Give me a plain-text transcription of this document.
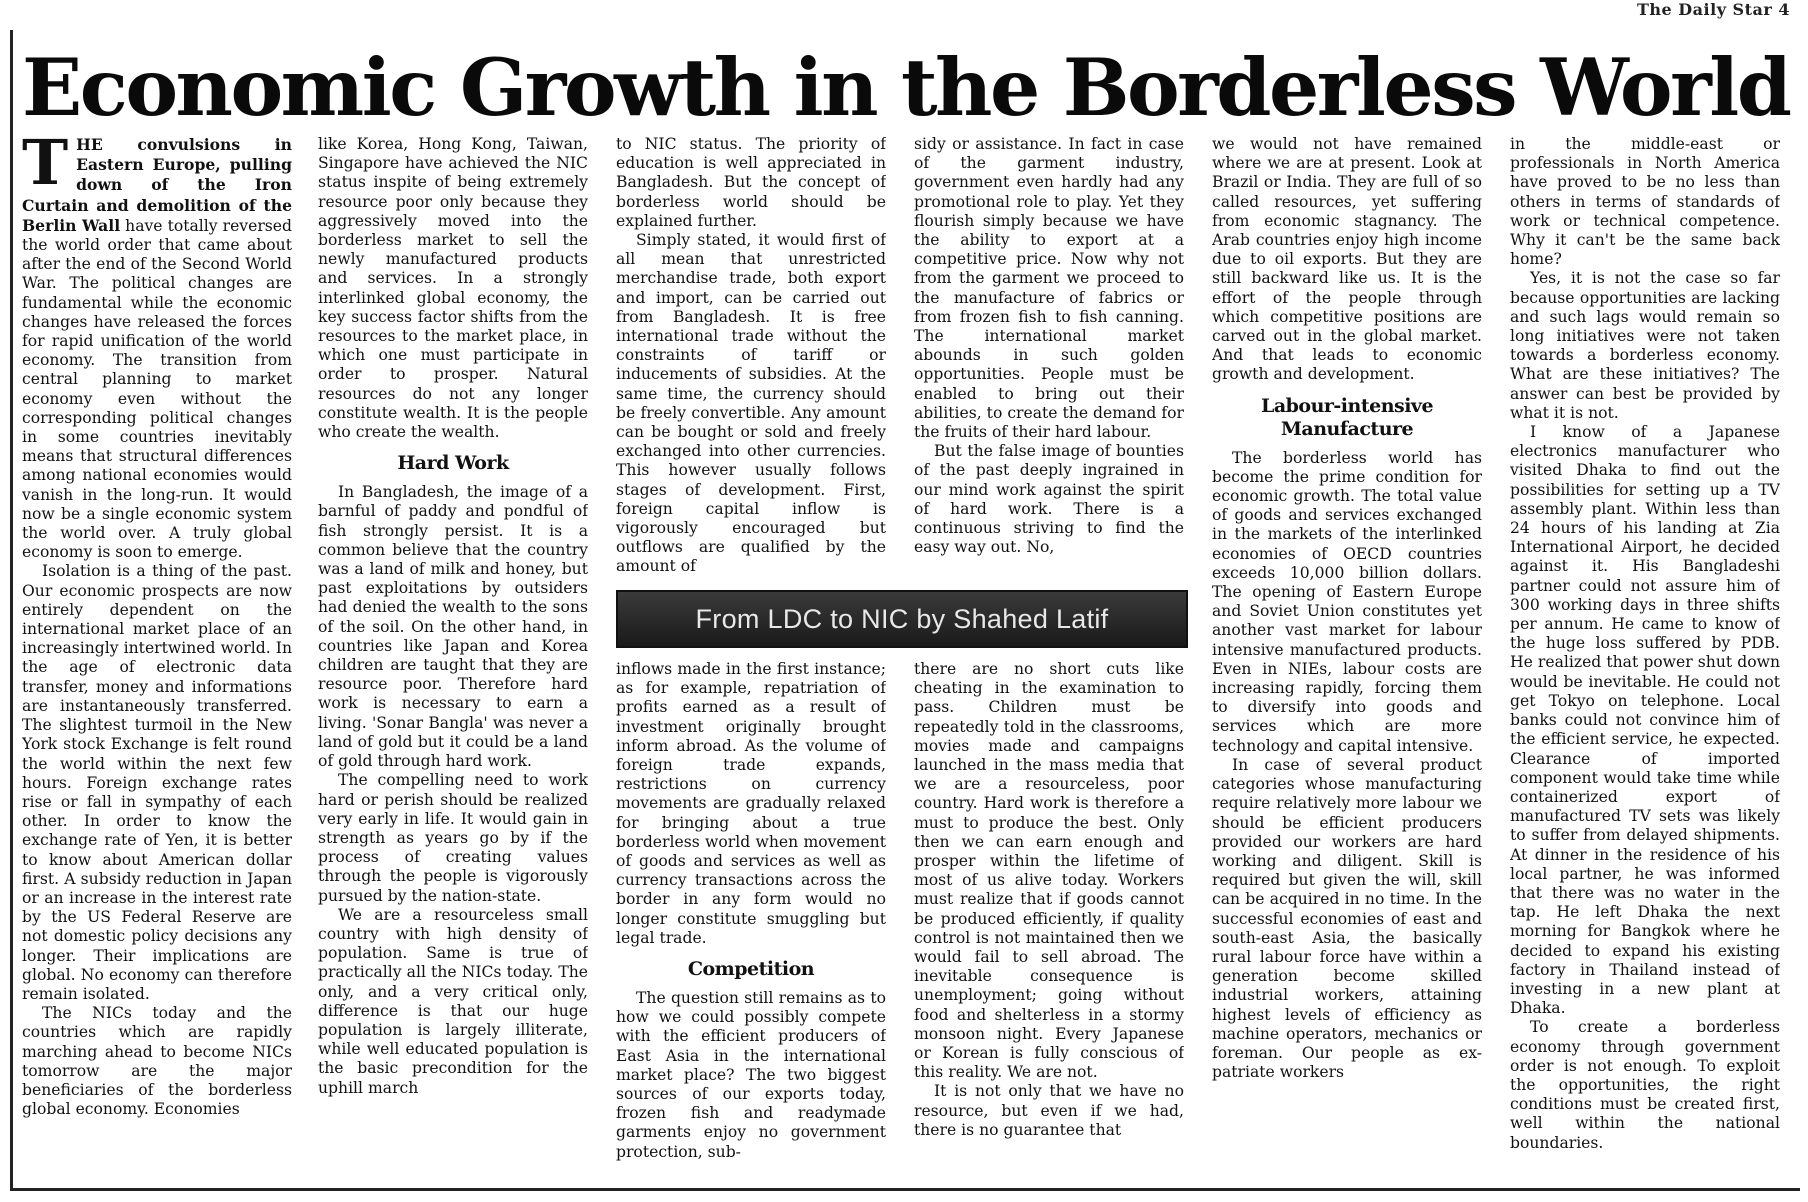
The Daily Star 4
Economic Growth in the Borderless World

THE convulsions in Eastern Europe, pulling down of the Iron Curtain and demolition of the Berlin Wall have totally reversed the world order that came about after the end of the Second World War. The political changes are fundamental while the economic changes have released the forces for rapid unification of the world economy. The transition from central planning to market economy even without the corresponding political changes in some countries inevitably means that structural differences among national economies would vanish in the long-run. It would now be a single economic system the world over. A truly global economy is soon to emerge.

Isolation is a thing of the past. Our economic prospects are now entirely dependent on the international market place of an increasingly intertwined world. In the age of electronic data transfer, money and informations are instantaneously transferred. The slightest turmoil in the New York stock Exchange is felt round the world within the next few hours. Foreign exchange rates rise or fall in sympathy of each other. In order to know the exchange rate of Yen, it is better to know about American dollar first. A subsidy reduction in Japan or an increase in the interest rate by the US Federal Reserve are not domestic policy decisions any longer. Their implications are global. No economy can therefore remain isolated.

The NICs today and the countries which are rapidly marching ahead to become NICs tomorrow are the major beneficiaries of the borderless global economy. Economies

like Korea, Hong Kong, Taiwan, Singapore have achieved the NIC status inspite of being extremely resource poor only because they aggressively moved into the borderless market to sell the newly manufactured products and services. In a strongly interlinked global economy, the key success factor shifts from the resources to the market place, in which one must participate in order to prosper. Natural resources do not any longer constitute wealth. It is the people who create the wealth.

Hard Work

In Bangladesh, the image of a barnful of paddy and pondful of fish strongly persist. It is a common believe that the country was a land of milk and honey, but past exploitations by outsiders had denied the wealth to the sons of the soil. On the other hand, in countries like Japan and Korea children are taught that they are resource poor. Therefore hard work is necessary to earn a living. 'Sonar Bangla' was never a land of gold but it could be a land of gold through hard work.

The compelling need to work hard or perish should be realized very early in life. It would gain in strength as years go by if the process of creating values through the people is vigorously pursued by the nation-state.

We are a resourceless small country with high density of population. Same is true of practically all the NICs today. The only, and a very critical only, difference is that our huge population is largely illiterate, while well educated population is the basic precondition for the uphill march

to NIC status. The priority of education is well appreciated in Bangladesh. But the concept of borderless world should be explained further.

Simply stated, it would first of all mean that unrestricted merchandise trade, both export and import, can be carried out from Bangladesh. It is free international trade without the constraints of tariff or inducements of subsidies. At the same time, the currency should be freely convertible. Any amount can be bought or sold and freely exchanged into other currencies. This however usually follows stages of development. First, foreign capital inflow is vigorously encouraged but outflows are qualified by the amount of

sidy or assistance. In fact in case of the garment industry, government even hardly had any promotional role to play. Yet they flourish simply because we have the ability to export at a competitive price. Now why not from the garment we proceed to the manufacture of fabrics or from frozen fish to fish canning. The international market abounds in such golden opportunities. People must be enabled to bring out their abilities, to create the demand for the fruits of their hard labour.

But the false image of bounties of the past deeply ingrained in our mind work against the spirit of hard work. There is a continuous striving to find the easy way out. No,

From LDC to NIC by Shahed Latif

inflows made in the first instance; as for example, repatriation of profits earned as a result of investment originally brought inform abroad. As the volume of foreign trade expands, restrictions on currency movements are gradually relaxed for bringing about a true borderless world when movement of goods and services as well as currency transactions across the border in any form would no longer constitute smuggling but legal trade.

Competition

The question still remains as to how we could possibly compete with the efficient producers of East Asia in the international market place? The two biggest sources of our exports today, frozen fish and readymade garments enjoy no government protection, sub-

there are no short cuts like cheating in the examination to pass. Children must be repeatedly told in the classrooms, movies made and campaigns launched in the mass media that we are a resourceless, poor country. Hard work is therefore a must to produce the best. Only then we can earn enough and prosper within the lifetime of most of us alive today. Workers must realize that if goods cannot be produced efficiently, if quality control is not maintained then we would fail to sell abroad. The inevitable consequence is unemployment; going without food and shelterless in a stormy monsoon night. Every Japanese or Korean is fully conscious of this reality. We are not.

It is not only that we have no resource, but even if we had, there is no guarantee that

we would not have remained where we are at present. Look at Brazil or India. They are full of so called resources, yet suffering from economic stagnancy. The Arab countries enjoy high income due to oil exports. But they are still backward like us. It is the effort of the people through which competitive positions are carved out in the global market. And that leads to economic growth and development.

Labour-intensive Manufacture

The borderless world has become the prime condition for economic growth. The total value of goods and services exchanged in the markets of the interlinked economies of OECD countries exceeds 10,000 billion dollars. The opening of Eastern Europe and Soviet Union constitutes yet another vast market for labour intensive manufactured products. Even in NIEs, labour costs are increasing rapidly, forcing them to diversify into goods and services which are more technology and capital intensive.

In case of several product categories whose manufacturing require relatively more labour we should be efficient producers provided our workers are hard working and diligent. Skill is required but given the will, skill can be acquired in no time. In the successful economies of east and south-east Asia, the basically rural labour force have within a generation become skilled industrial workers, attaining highest levels of efficiency as machine operators, mechanics or foreman. Our people as ex-patriate workers

in the middle-east or professionals in North America have proved to be no less than others in terms of standards of work or technical competence. Why it can't be the same back home?

Yes, it is not the case so far because opportunities are lacking and such lags would remain so long initiatives were not taken towards a borderless economy. What are these initiatives? The answer can best be provided by what it is not.

I know of a Japanese electronics manufacturer who visited Dhaka to find out the possibilities for setting up a TV assembly plant. Within less than 24 hours of his landing at Zia International Airport, he decided against it. His Bangladeshi partner could not assure him of 300 working days in three shifts per annum. He came to know of the huge loss suffered by PDB. He realized that power shut down would be inevitable. He could not get Tokyo on telephone. Local banks could not convince him of the efficient service, he expected. Clearance of imported component would take time while containerized export of manufactured TV sets was likely to suffer from delayed shipments. At dinner in the residence of his local partner, he was informed that there was no water in the tap. He left Dhaka the next morning for Bangkok where he decided to expand his existing factory in Thailand instead of investing in a new plant at Dhaka.

To create a borderless economy through government order is not enough. To exploit the opportunities, the right conditions must be created first, well within the national boundaries.
